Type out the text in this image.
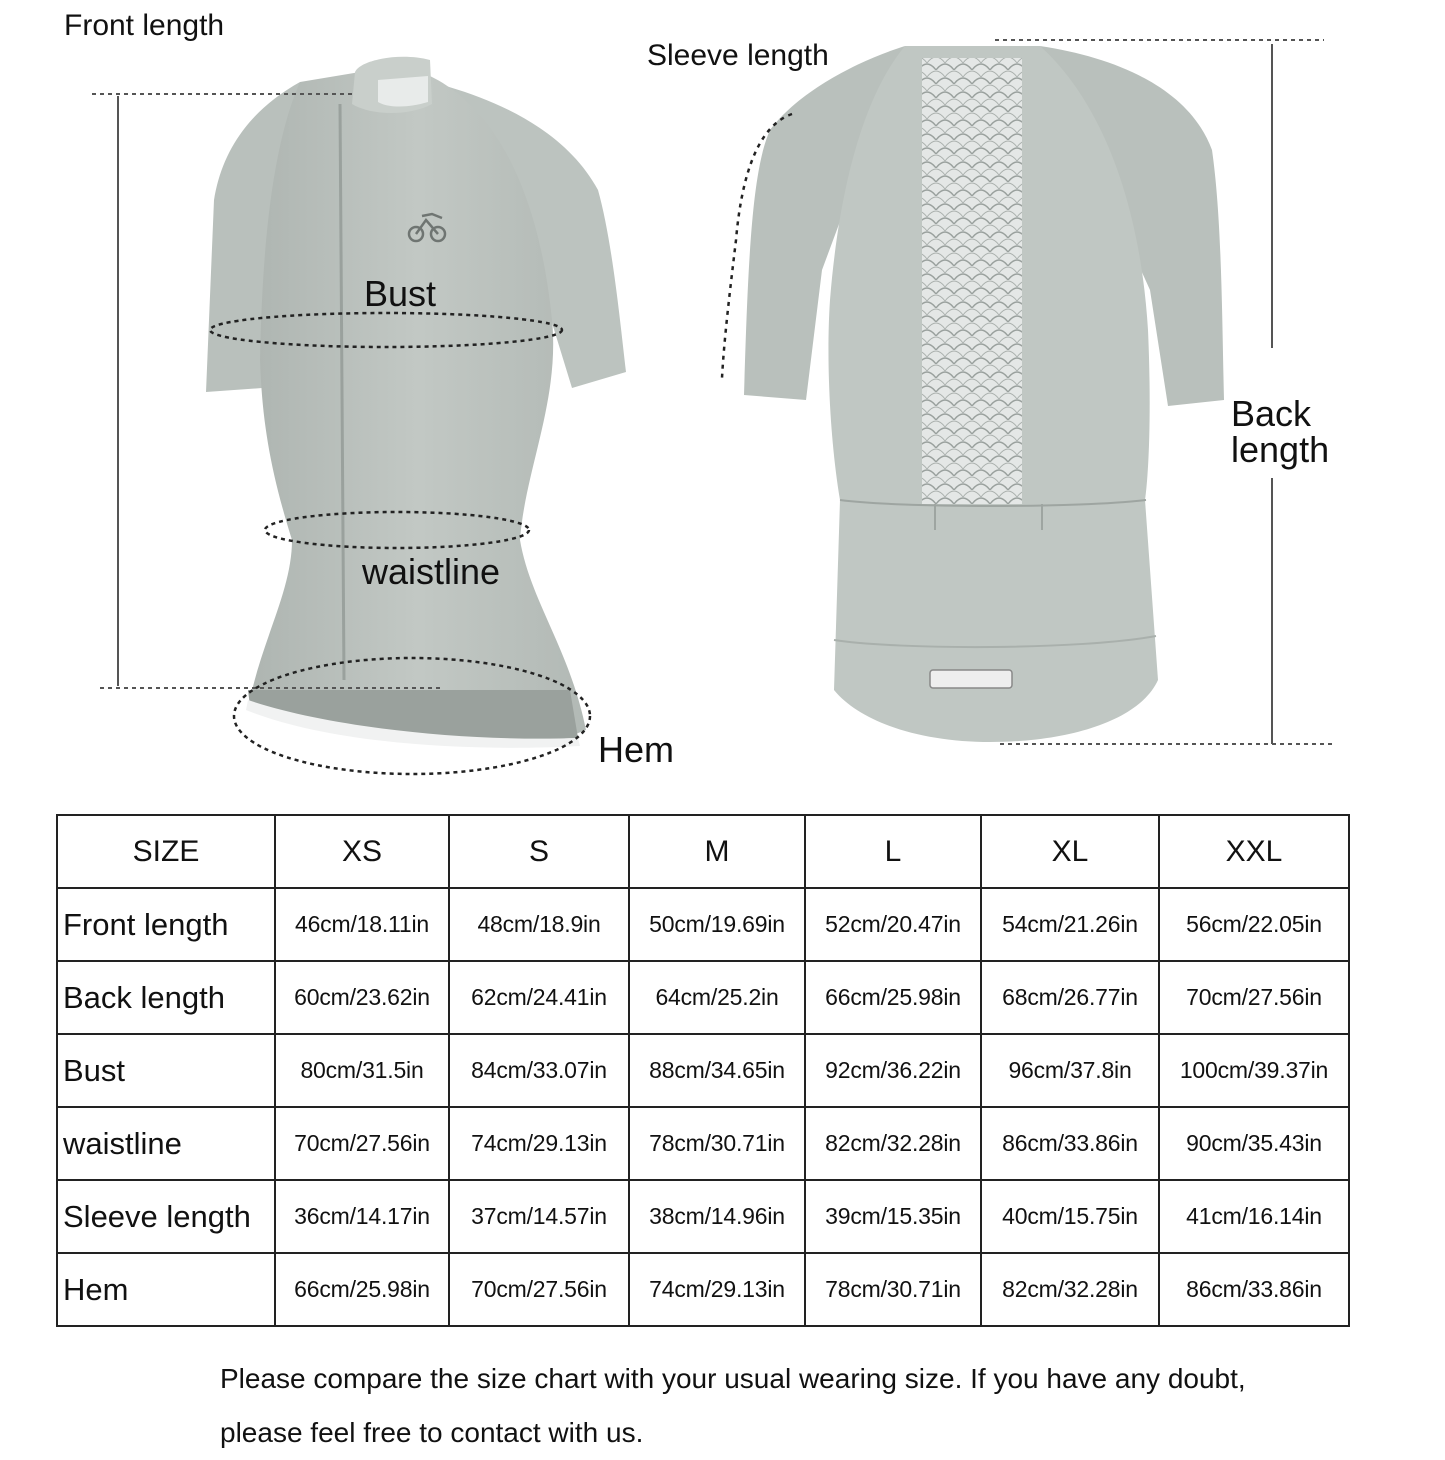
Front length
Sleeve length
Bust
waistline
Hem
Back
length
SIZE	XS	S	M	L	XL	XXL
Front length	46cm/18.11in	48cm/18.9in	50cm/19.69in	52cm/20.47in	54cm/21.26in	56cm/22.05in
Back length	60cm/23.62in	62cm/24.41in	64cm/25.2in	66cm/25.98in	68cm/26.77in	70cm/27.56in
Bust	80cm/31.5in	84cm/33.07in	88cm/34.65in	92cm/36.22in	96cm/37.8in	100cm/39.37in
waistline	70cm/27.56in	74cm/29.13in	78cm/30.71in	82cm/32.28in	86cm/33.86in	90cm/35.43in
Sleeve length	36cm/14.17in	37cm/14.57in	38cm/14.96in	39cm/15.35in	40cm/15.75in	41cm/16.14in
Hem	66cm/25.98in	70cm/27.56in	74cm/29.13in	78cm/30.71in	82cm/32.28in	86cm/33.86in
Please compare the size chart with your usual wearing size. If you have any doubt, please feel free to contact with us.
